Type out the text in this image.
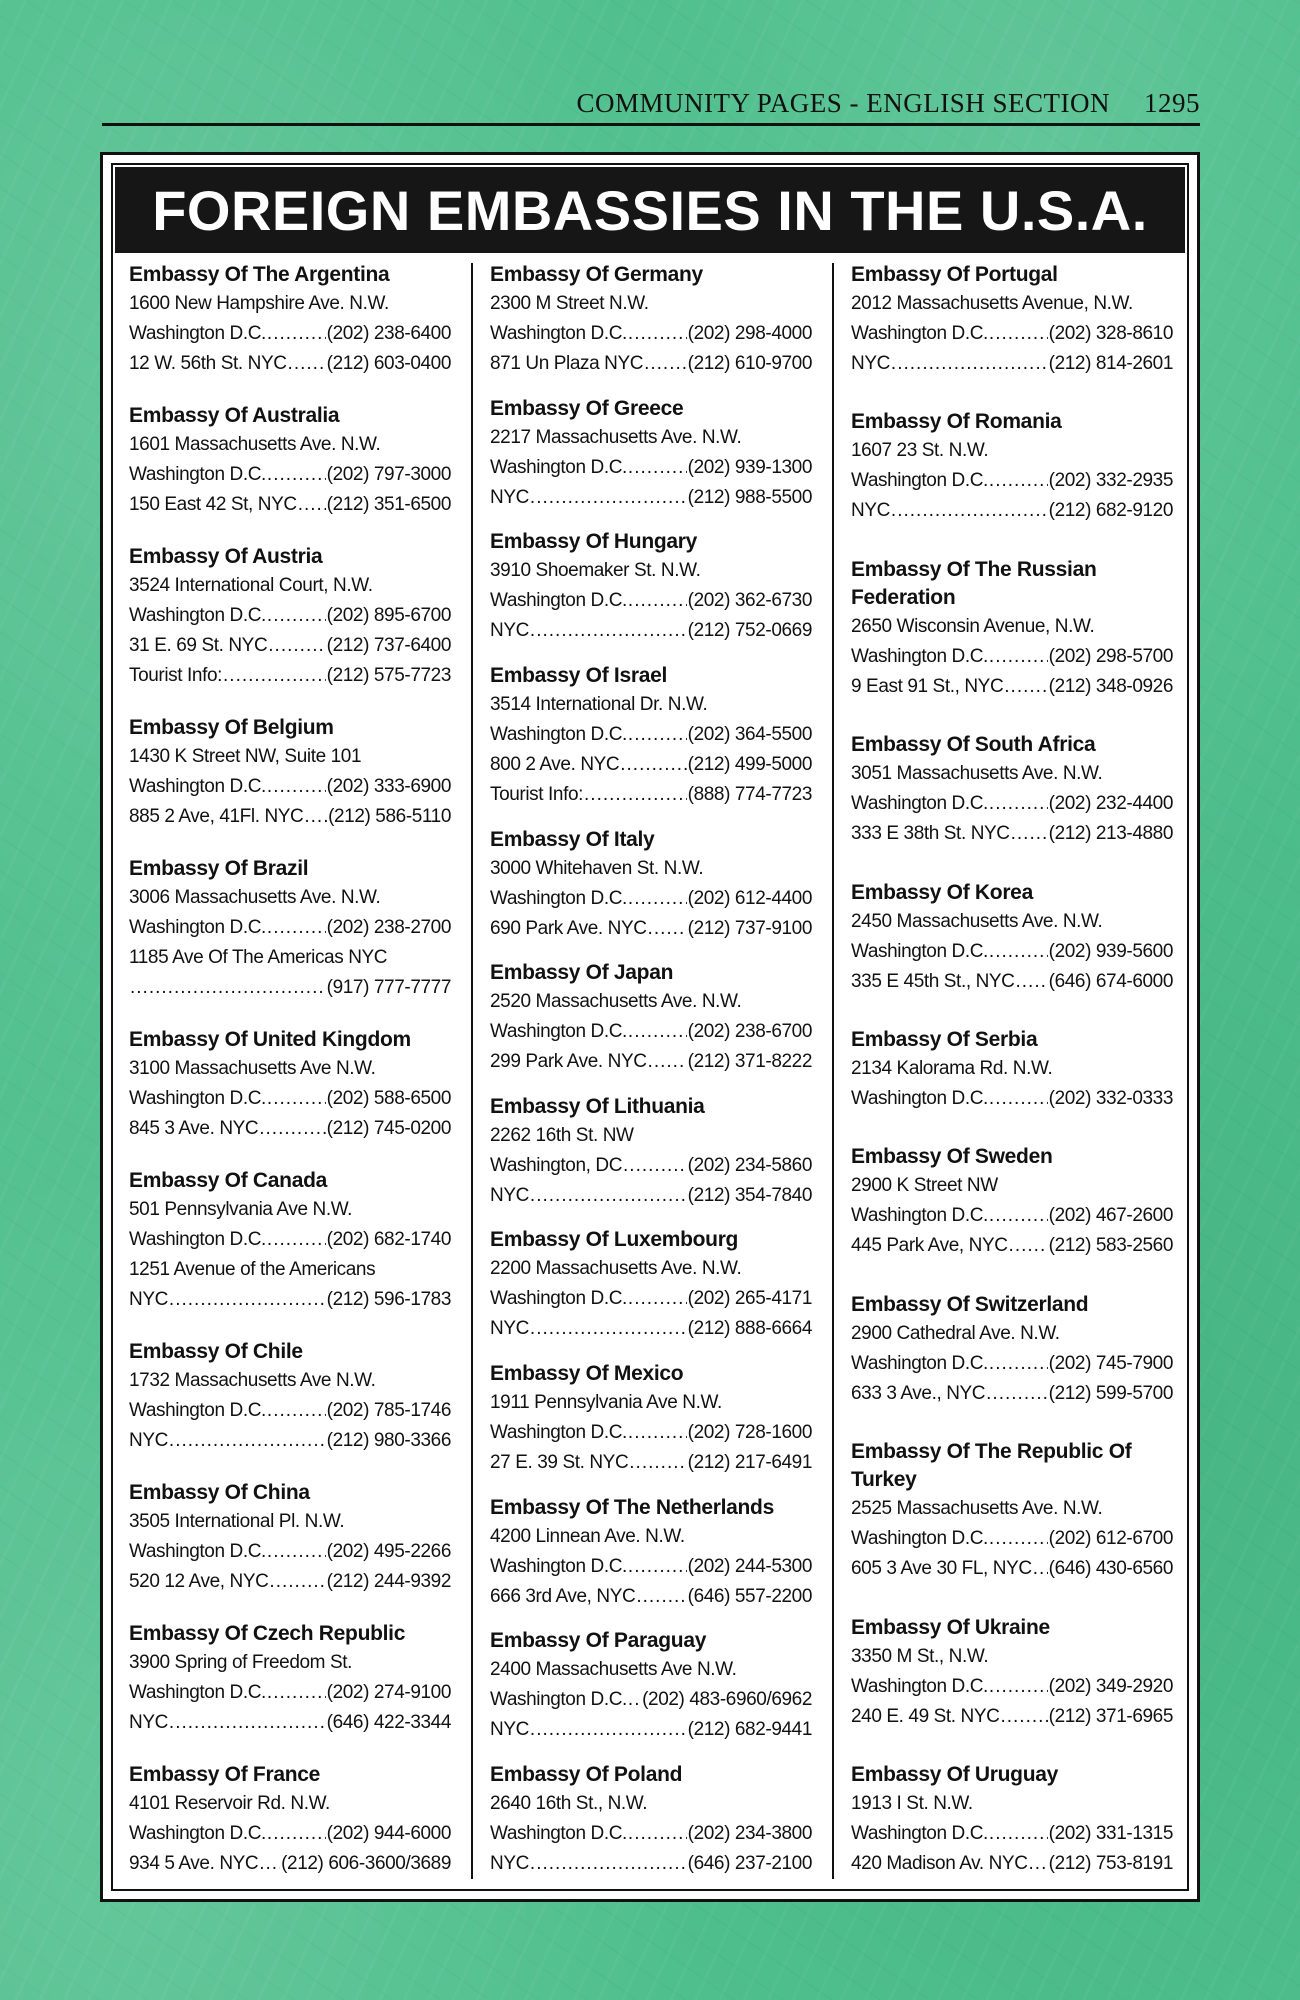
COMMUNITY PAGES - ENGLISH SECTION 1295
FOREIGN EMBASSIES IN THE U.S.A.
Embassy Of The Argentina
1600 New Hampshire Ave. N.W.
Washington D.C. .....	(202) 238-6400
12 W. 56th St. NYC ..... (212) 603-0400
Embassy Of Australia
1601 Massachusetts Ave. N.W.
Washington D.C. .....	(202) 797-3000
150 East 42 St, NYC ..... (212) 351-6500
Embassy Of Austria
3524 International Court, N.W.
Washington D.C. .....	(202) 895-6700
31 E. 69 St. NYC .....	(212) 737-6400
Tourist Info: .....	(212) 575-7723
Embassy Of Belgium
1430 K Street NW, Suite 101
Washington D.C. .....	(202) 333-6900
885 2 Ave, 41Fl. NYC ..... (212) 586-5110
Embassy Of Brazil
3006 Massachusetts Ave. N.W.
Washington D.C. .....	(202) 238-2700
1185 Ave Of The Americas NYC
.....
(917) 777-7777
Embassy Of United Kingdom
3100 Massachusetts Ave N.W.
Washington D.C. .....	(202) 588-6500
845 3 Ave. NYC .....	(212) 745-0200
Embassy Of Canada
501 Pennsylvania Ave N.W.
Washington D.C. .....	(202) 682-1740
1251 Avenue of the Americans
NYC .....	(212) 596-1783
Embassy Of Chile
1732 Massachusetts Ave N.W.
Washington D.C. .....	(202) 785-1746
NYC .....	(212) 980-3366
Embassy Of China
3505 International Pl. N.W.
Washington D.C. .....	(202) 495-2266
520 12 Ave, NYC .....	(212) 244-9392
Embassy Of Czech Republic
3900 Spring of Freedom St.
Washington D.C. .....	(202) 274-9100
NYC .....	(646) 422-3344
Embassy Of France
4101 Reservoir Rd. N.W.
Washington D.C. .....	(202) 944-6000
934 5 Ave. NYC ..... (212) 606-3600/3689
Embassy Of Germany
2300 M Street N.W.
Washington D.C. .....	(202) 298-4000
871 Un Plaza NYC ..... (212) 610-9700
Embassy Of Greece
2217 Massachusetts Ave. N.W.
Washington D.C. .....	(202) 939-1300
NYC .....	(212) 988-5500
Embassy Of Hungary
3910 Shoemaker St. N.W.
Washington D.C. .....	(202) 362-6730
NYC .....	(212) 752-0669
Embassy Of Israel
3514 International Dr. N.W.
Washington D.C. .....	(202) 364-5500
800 2 Ave. NYC .....	(212) 499-5000
Tourist Info: .....	(888) 774-7723
Embassy Of Italy
3000 Whitehaven St. N.W.
Washington D.C. .....	(202) 612-4400
690 Park Ave. NYC ..... (212) 737-9100
Embassy Of Japan
2520 Massachusetts Ave. N.W.
Washington D.C. .....	(202) 238-6700
299 Park Ave. NYC ..... (212) 371-8222
Embassy Of Lithuania
2262 16th St. NW
Washington, DC .....	(202) 234-5860
NYC .....	(212) 354-7840
Embassy Of Luxembourg
2200 Massachusetts Ave. N.W.
Washington D.C. .....	(202) 265-4171
NYC .....	(212) 888-6664
Embassy Of Mexico
1911 Pennsylvania Ave N.W.
Washington D.C. .....	(202) 728-1600
27 E. 39 St. NYC .....	(212) 217-6491
Embassy Of The Netherlands
4200 Linnean Ave. N.W.
Washington D.C. .....	(202) 244-5300
666 3rd Ave, NYC .....	(646) 557-2200
Embassy Of Paraguay
2400 Massachusetts Ave N.W.
Washington D.C. ..... (202) 483-6960/6962
NYC .....	(212) 682-9441
Embassy Of Poland
2640 16th St., N.W.
Washington D.C. .....	(202) 234-3800
NYC .....	(646) 237-2100
Embassy Of Portugal
2012 Massachusetts Avenue, N.W.
Washington D.C. .....	(202) 328-8610
NYC .....	(212) 814-2601
Embassy Of Romania
1607 23 St. N.W.
Washington D.C. .....	(202) 332-2935
NYC .....	(212) 682-9120
Embassy Of The Russian Federation
2650 Wisconsin Avenue, N.W.
Washington D.C. .....	(202) 298-5700
9 East 91 St., NYC ..... (212) 348-0926
Embassy Of South Africa
3051 Massachusetts Ave. N.W.
Washington D.C. .....	(202) 232-4400
333 E 38th St. NYC ..... (212) 213-4880
Embassy Of Korea
2450 Massachusetts Ave. N.W.
Washington D.C. .....	(202) 939-5600
335 E 45th St., NYC ..... (646) 674-6000
Embassy Of Serbia
2134 Kalorama Rd. N.W.
Washington D.C. .....	(202) 332-0333
Embassy Of Sweden
2900 K Street NW
Washington D.C. .....	(202) 467-2600
445 Park Ave, NYC ..... (212) 583-2560
Embassy Of Switzerland
2900 Cathedral Ave. N.W.
Washington D.C. .....	(202) 745-7900
633 3 Ave., NYC .....	(212) 599-5700
Embassy Of The Republic Of Turkey
2525 Massachusetts Ave. N.W.
Washington D.C. .....	(202) 612-6700
605 3 Ave 30 FL, NYC ..... (646) 430-6560
Embassy Of Ukraine
3350 M St., N.W.
Washington D.C. .....	(202) 349-2920
240 E. 49 St. NYC .....	(212) 371-6965
Embassy Of Uruguay
1913 I St. N.W.
Washington D.C. .....	(202) 331-1315
420 Madison Av. NYC ..... (212) 753-8191
